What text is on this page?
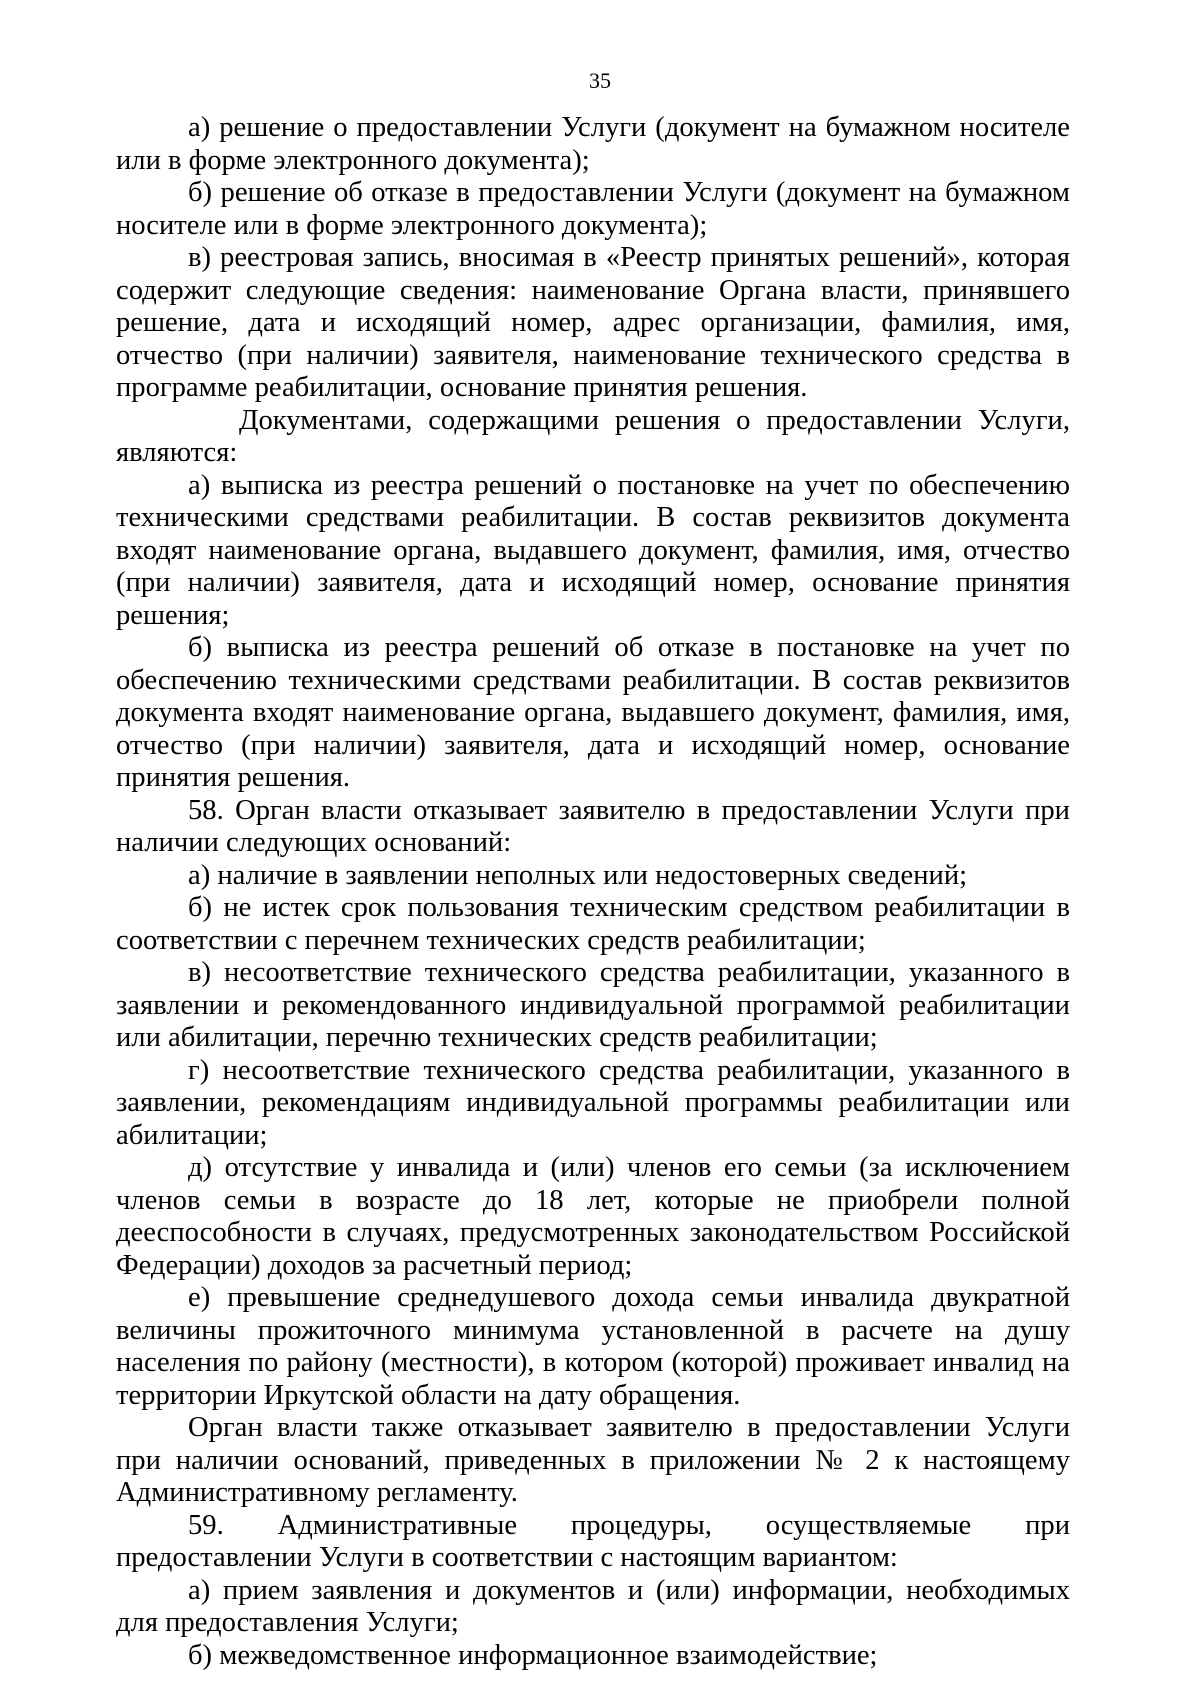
35

а) решение о предоставлении Услуги (документ на бумажном носителе или в форме электронного документа);

б) решение об отказе в предоставлении Услуги (документ на бумажном носителе или в форме электронного документа);

в) реестровая запись, вносимая в «Реестр принятых решений», которая содержит следующие сведения: наименование Органа власти, принявшего решение, дата и исходящий номер, адрес организации, фамилия, имя, отчество (при наличии) заявителя, наименование технического средства в программе реабилитации, основание принятия решения.

Документами, содержащими решения о предоставлении Услуги, являются:

а) выписка из реестра решений о постановке на учет по обеспечению техническими средствами реабилитации. В состав реквизитов документа входят наименование органа, выдавшего документ, фамилия, имя, отчество (при наличии) заявителя, дата и исходящий номер, основание принятия решения;

б) выписка из реестра решений об отказе в постановке на учет по обеспечению техническими средствами реабилитации. В состав реквизитов документа входят наименование органа, выдавшего документ, фамилия, имя, отчество (при наличии) заявителя, дата и исходящий номер, основание принятия решения.

58. Орган власти отказывает заявителю в предоставлении Услуги при наличии следующих оснований:

а) наличие в заявлении неполных или недостоверных сведений;

б) не истек срок пользования техническим средством реабилитации в соответствии с перечнем технических средств реабилитации;

в) несоответствие технического средства реабилитации, указанного в заявлении и рекомендованного индивидуальной программой реабилитации или абилитации, перечню технических средств реабилитации;

г) несоответствие технического средства реабилитации, указанного в заявлении, рекомендациям индивидуальной программы реабилитации или абилитации;

д) отсутствие у инвалида и (или) членов его семьи (за исключением членов семьи в возрасте до 18 лет, которые не приобрели полной дееспособности в случаях, предусмотренных законодательством Российской Федерации) доходов за расчетный период;

е) превышение среднедушевого дохода семьи инвалида двукратной величины прожиточного минимума установленной в расчете на душу населения по району (местности), в котором (которой) проживает инвалид на территории Иркутской области на дату обращения.

Орган власти также отказывает заявителю в предоставлении Услуги при наличии оснований, приведенных в приложении № 2 к настоящему Административному регламенту.

59. Административные процедуры, осуществляемые при предоставлении Услуги в соответствии с настоящим вариантом:

а) прием заявления и документов и (или) информации, необходимых для предоставления Услуги;

б) межведомственное информационное взаимодействие;
